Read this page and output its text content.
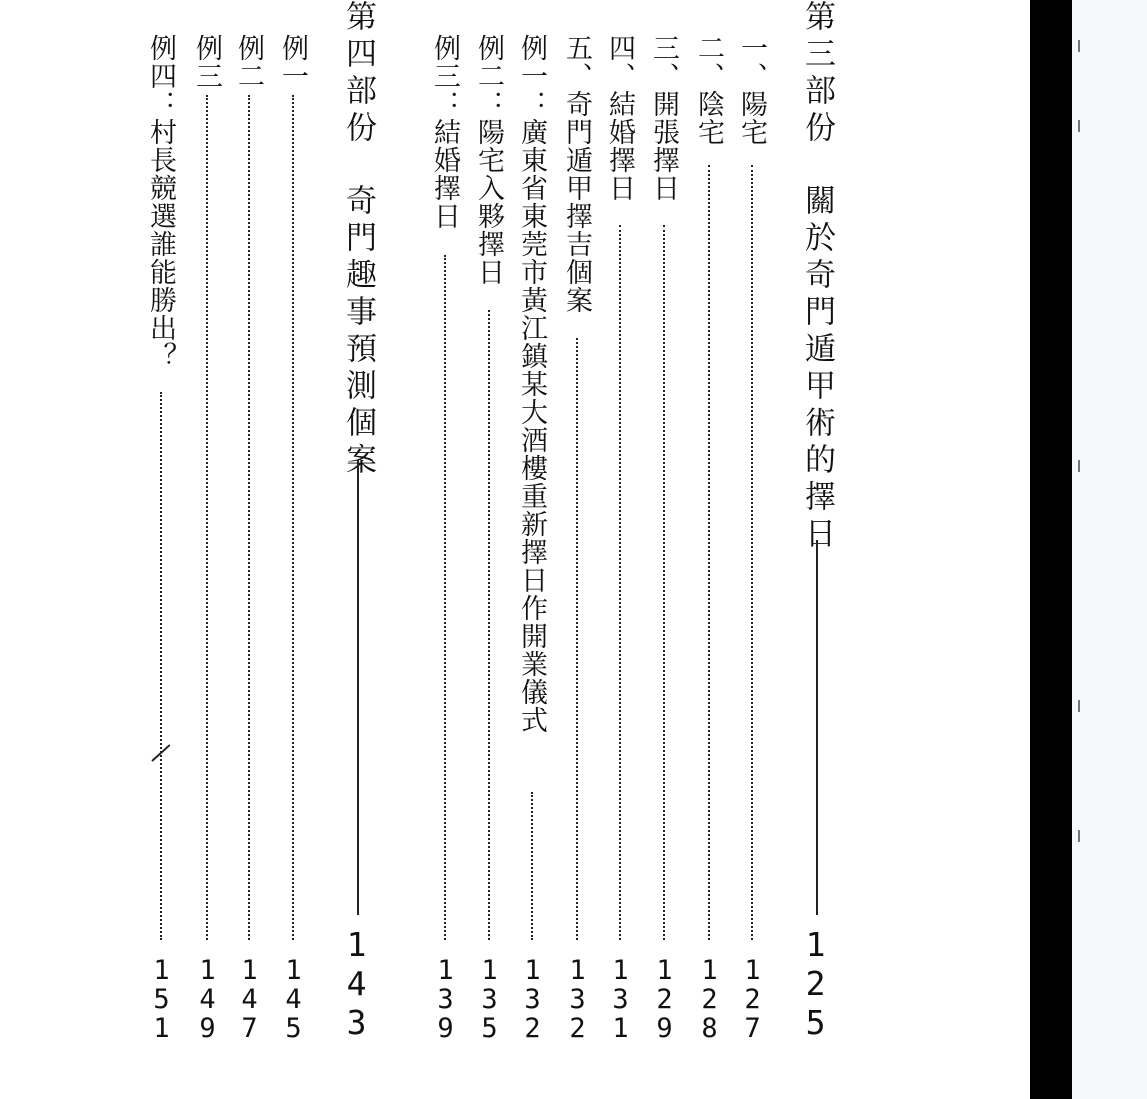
第三部份關於奇門遁甲術的擇日
125
一、陽宅
127
二、陰宅
128
三、開張擇日
129
四、結婚擇日
131
五、奇門遁甲擇吉個案
132
例一：廣東省東莞市黃江鎮某大酒樓重新擇日作開業儀式
132
例二：陽宅入夥擇日
135
例三：結婚擇日
139
第四部份奇門趣事預測個案
143
例一
145
例二
147
例三
149
例四：村長競選誰能勝出？
151
